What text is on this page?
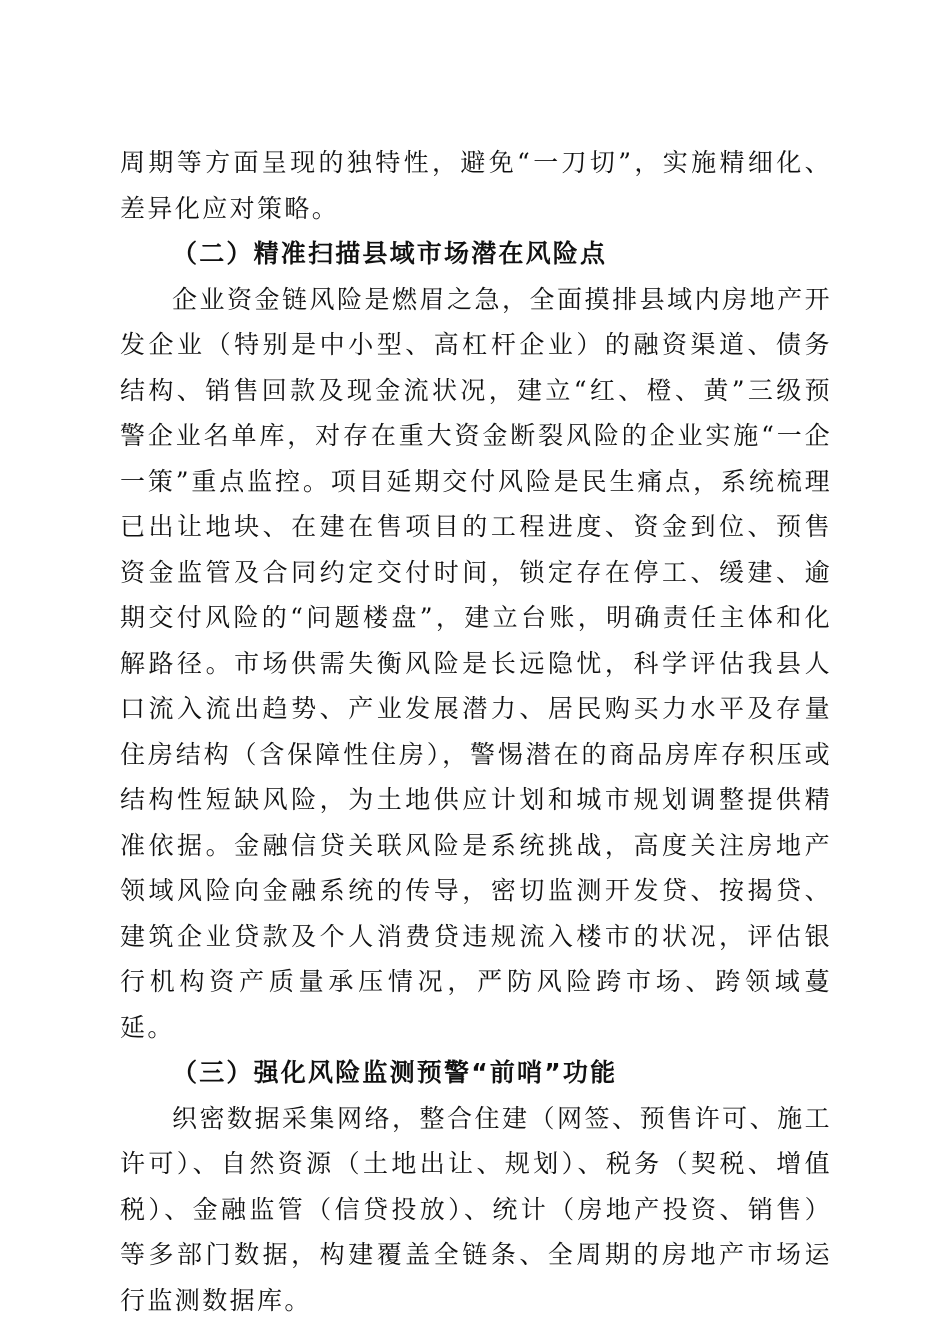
周期等方面呈现的独特性，避免“一刀切”，实施精细化、差异化应对策略。

（二）精准扫描县域市场潜在风险点

企业资金链风险是燃眉之急，全面摸排县域内房地产开发企业（特别是中小型、高杠杆企业）的融资渠道、债务结构、销售回款及现金流状况，建立“红、橙、黄”三级预警企业名单库，对存在重大资金断裂风险的企业实施“一企一策”重点监控。项目延期交付风险是民生痛点，系统梳理已出让地块、在建在售项目的工程进度、资金到位、预售资金监管及合同约定交付时间，锁定存在停工、缓建、逾期交付风险的“问题楼盘”，建立台账，明确责任主体和化解路径。市场供需失衡风险是长远隐忧，科学评估我县人口流入流出趋势、产业发展潜力、居民购买力水平及存量住房结构（含保障性住房），警惕潜在的商品房库存积压或结构性短缺风险，为土地供应计划和城市规划调整提供精准依据。金融信贷关联风险是系统挑战，高度关注房地产领域风险向金融系统的传导，密切监测开发贷、按揭贷、建筑企业贷款及个人消费贷违规流入楼市的状况，评估银行机构资产质量承压情况，严防风险跨市场、跨领域蔓延。

（三）强化风险监测预警“前哨”功能

织密数据采集网络，整合住建（网签、预售许可、施工许可）、自然资源（土地出让、规划）、税务（契税、增值税）、金融监管（信贷投放）、统计（房地产投资、销售）等多部门数据，构建覆盖全链条、全周期的房地产市场运行监测数据库。
